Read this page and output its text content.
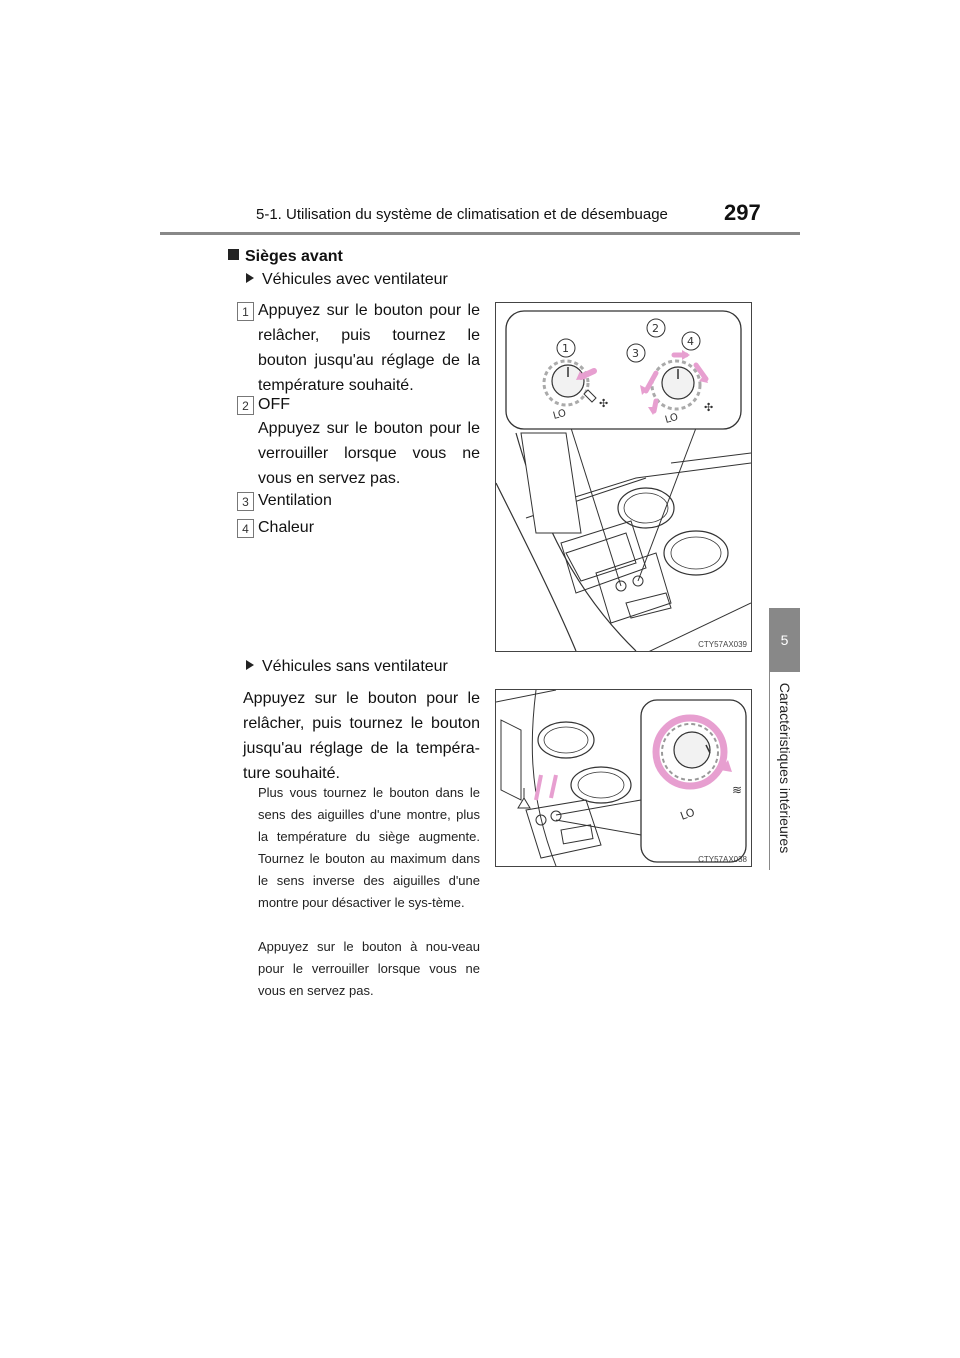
5-1. Utilisation du système de climatisation et de désembuage	297
5
Caractéristiques intérieures
Sièges avant
Véhicules avec ventilateur
1 Appuyez sur le bouton pour le relâcher, puis tournez le bouton jusqu'au réglage de la température souhaité.
2 OFF
Appuyez sur le bouton pour le verrouiller lorsque vous ne vous en servez pas.
3 Ventilation
4 Chaleur
✣
LO
✣
LO
1
2
3
4
CTY57AX039
Véhicules sans ventilateur
Appuyez sur le bouton pour le relâcher, puis tournez le bouton jusqu'au réglage de la tempéra-ture souhaité.
Plus vous tournez le bouton dans le sens des aiguilles d'une montre, plus la température du siège augmente. Tournez le bouton au maximum dans le sens inverse des aiguilles d'une montre pour désactiver le sys-tème.
Appuyez sur le bouton à nou-veau pour le verrouiller lorsque vous ne vous en servez pas.
≋
LO
CTY57AX038
